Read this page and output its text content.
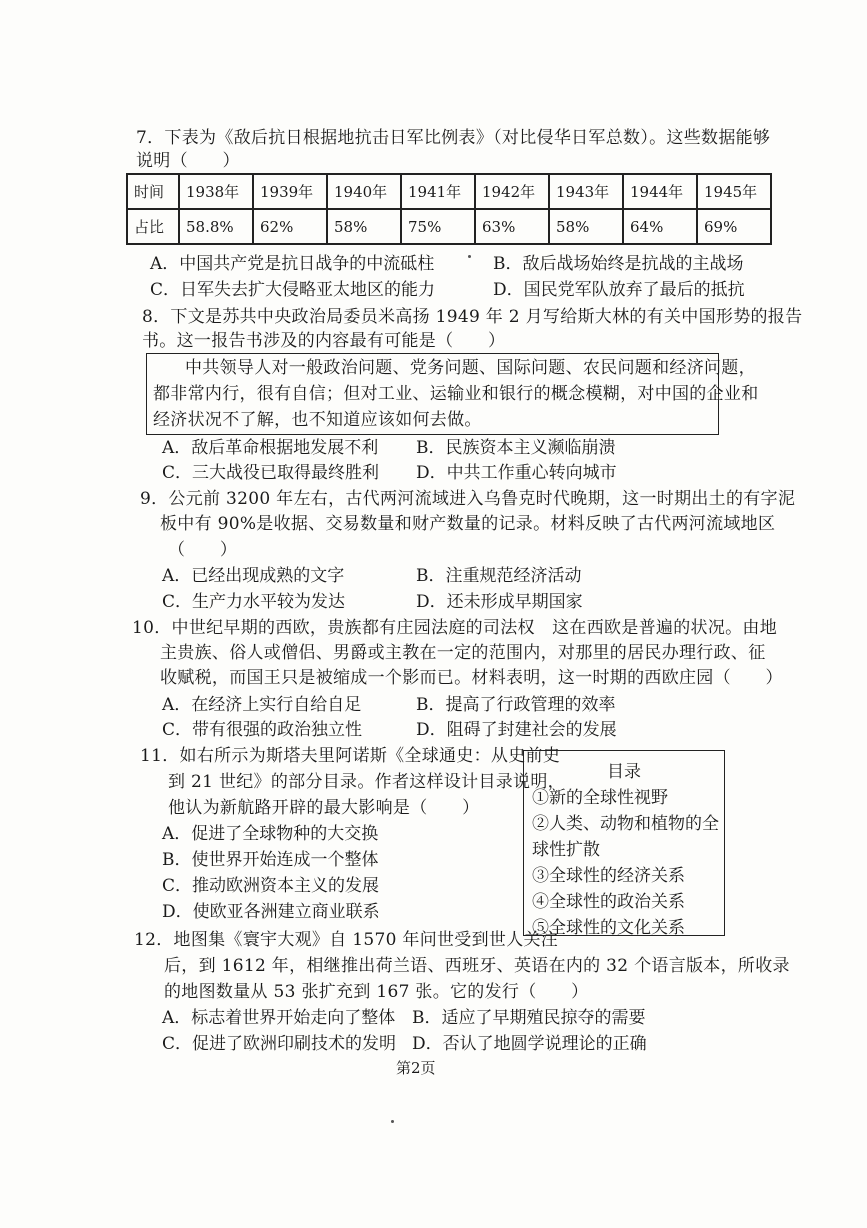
7．下表为《敌后抗日根据地抗击日军比例表》（对比侵华日军总数）。这些数据能够
说明（　　）
时间	1938年	1939年	1940年	1941年	1942年	1943年	1944年	1945年
占比	58.8%	62%	58%	75%	63%	58%	64%	69%
A．中国共产党是抗日战争的中流砥柱	B．敌后战场始终是抗战的主战场
C．日军失去扩大侵略亚太地区的能力	D．国民党军队放弃了最后的抵抗
8．下文是苏共中央政治局委员米高扬 1949 年 2 月写给斯大林的有关中国形势的报告
书。这一报告书涉及的内容最有可能是（　　）
中共领导人对一般政治问题、党务问题、国际问题、农民问题和经济问题，
都非常内行，很有自信；但对工业、运输业和银行的概念模糊，对中国的企业和
经济状况不了解，也不知道应该如何去做。
A．敌后革命根据地发展不利 B．民族资本主义濒临崩溃
C．三大战役已取得最终胜利 D．中共工作重心转向城市
9．公元前 3200 年左右，古代两河流域进入乌鲁克时代晚期，这一时期出土的有字泥
板中有 90%是收据、交易数量和财产数量的记录。材料反映了古代两河流域地区
（　　）
A．已经出现成熟的文字	B．注重规范经济活动
C．生产力水平较为发达	D．还未形成早期国家
10．中世纪早期的西欧，贵族都有庄园法庭的司法权　这在西欧是普遍的状况。由地
主贵族、俗人或僧侣、男爵或主教在一定的范围内，对那里的居民办理行政、征
收赋税，而国王只是被缩成一个影而已。材料表明，这一时期的西欧庄园（　　）
A．在经济上实行自给自足	B．提高了行政管理的效率
C．带有很强的政治独立性	D．阻碍了封建社会的发展
11．如右所示为斯塔夫里阿诺斯《全球通史：从史前史
到 21 世纪》的部分目录。作者这样设计目录说明，
他认为新航路开辟的最大影响是（　　）
A．促进了全球物种的大交换
B．使世界开始连成一个整体
C．推动欧洲资本主义的发展
D．使欧亚各洲建立商业联系
目录
①新的全球性视野
②人类、动物和植物的全
球性扩散
③全球性的经济关系
④全球性的政治关系
⑤全球性的文化关系
12．地图集《寰宇大观》自 1570 年问世受到世人关注
后，到 1612 年，相继推出荷兰语、西班牙、英语在内的 32 个语言版本，所收录
的地图数量从 53 张扩充到 167 张。它的发行（　　）
A．标志着世界开始走向了整体 B．适应了早期殖民掠夺的需要
C．促进了欧洲印刷技术的发明 D．否认了地圆学说理论的正确
第2页
